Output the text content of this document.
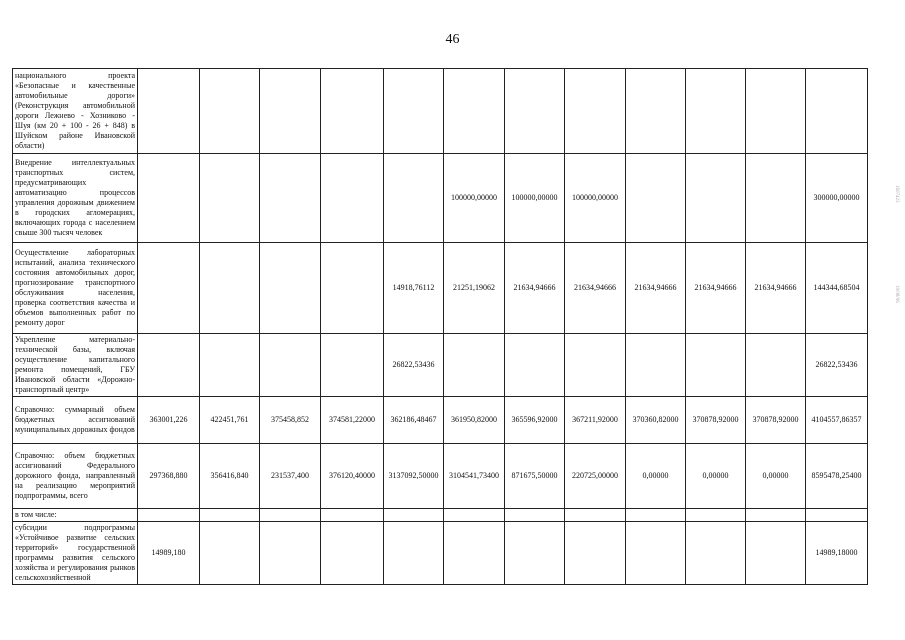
46
национального проекта «Безопасные и качественные автомобильные дороги» (Реконструкция автомобильной дороги Лежнево - Хозниково - Шуя (км 20 + 100 - 26 + 848) в Шуйском районе Ивановской области)												
Внедрение интеллектуальных транспортных систем, предусматривающих автоматизацию процессов управления дорожным движением в городских агломерациях, включающих города с населением свыше 300 тысяч человек						100000,00000	100000,00000	100000,00000				300000,00000
Осуществление лабораторных испытаний, анализа технического состояния автомобильных дорог, прогнозирование транспортного обслуживания населения, проверка соответствия качества и объемов выполненных работ по ремонту дорог					14918,76112	21251,19062	21634,94666	21634,94666	21634,94666	21634,94666	21634,94666	144344,68504
Укрепление материально-технической базы, включая осуществление капитального ремонта помещений, ГБУ Ивановской области «Дорожно-транспортный центр»					26822,53436							26822,53436
Справочно: суммарный объем бюджетных ассигнований муниципальных дорожных фондов	363001,226	422451,761	375458,852	374581,22000	362186,48467	361950,82000	365596,92000	367211,92000	370360,82000	370878,92000	370878,92000	4104557,86357
Справочно: объем бюджетных ассигнований Федерального дорожного фонда, направленный на реализацию мероприятий подпрограммы, всего	297368,880	356416,840	231537,400	376120,40000	3137092,50000	3104541,73400	871675,50000	220725,00000	0,00000	0,00000	0,00000	8595478,25400
в том числе:												
субсидии подпрограммы «Устойчивое развитие сельских территорий» государственной программы развития сельского хозяйства и регулирования рынков сельскохозяйственной	14989,180											14989,18000
1607423
19/08/06
